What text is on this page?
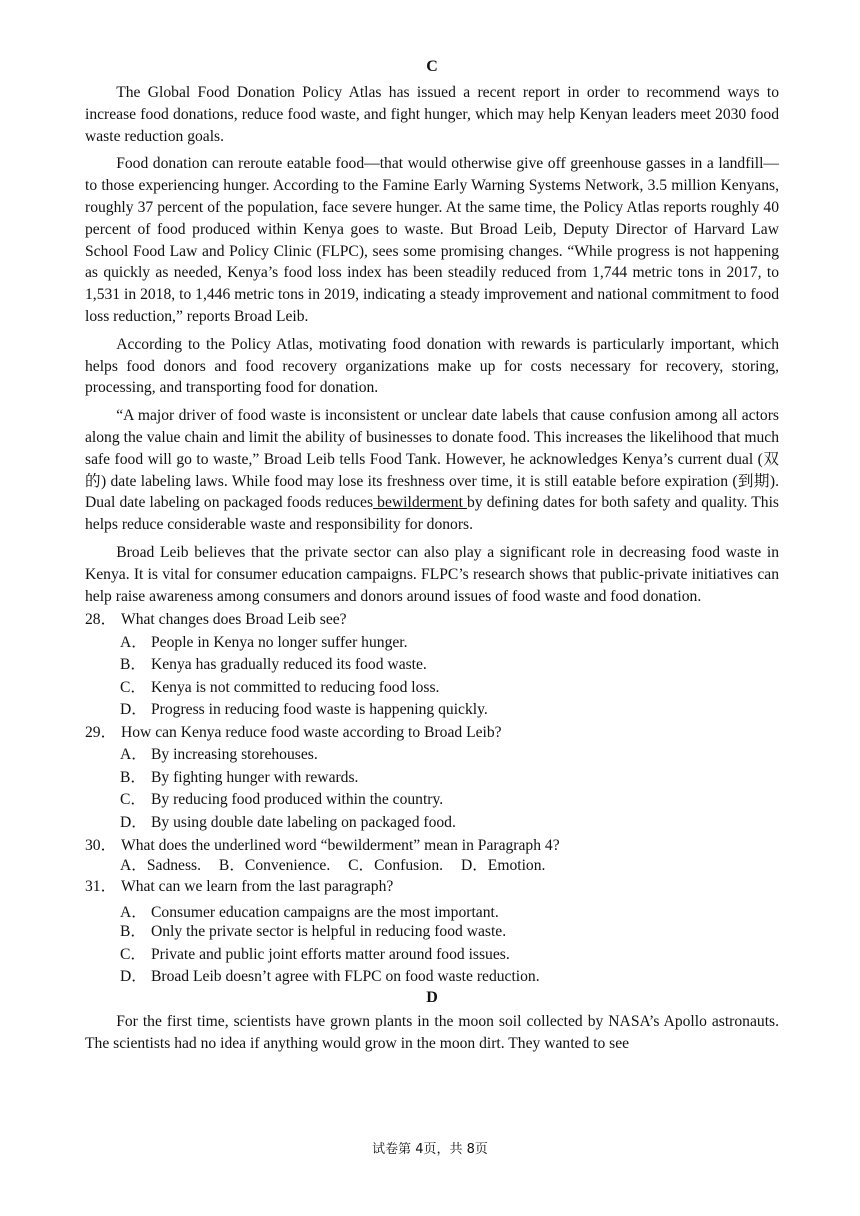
C

The Global Food Donation Policy Atlas has issued a recent report in order to recommend ways to increase food donations, reduce food waste, and fight hunger, which may help Kenyan leaders meet 2030 food waste reduction goals.

Food donation can reroute eatable food—that would otherwise give off greenhouse gasses in a landfill—to those experiencing hunger. According to the Famine Early Warning Systems Network, 3.5 million Kenyans, roughly 37 percent of the population, face severe hunger. At the same time, the Policy Atlas reports roughly 40 percent of food produced within Kenya goes to waste. But Broad Leib, Deputy Director of Harvard Law School Food Law and Policy Clinic (FLPC), sees some promising changes. “While progress is not happening as quickly as needed, Kenya’s food loss index has been steadily reduced from 1,744 metric tons in 2017, to 1,531 in 2018, to 1,446 metric tons in 2019, indicating a steady improvement and national commitment to food loss reduction,” reports Broad Leib.

According to the Policy Atlas, motivating food donation with rewards is particularly important, which helps food donors and food recovery organizations make up for costs necessary for recovery, storing, processing, and transporting food for donation.

“A major driver of food waste is inconsistent or unclear date labels that cause confusion among all actors along the value chain and limit the ability of businesses to donate food. This increases the likelihood that much safe food will go to waste,” Broad Leib tells Food Tank. However, he acknowledges Kenya’s current dual (双的) date labeling laws. While food may lose its freshness over time, it is still eatable before expiration (到期). Dual date labeling on packaged foods reduces bewilderment by defining dates for both safety and quality. This helps reduce considerable waste and responsibility for donors.

Broad Leib believes that the private sector can also play a significant role in decreasing food waste in Kenya. It is vital for consumer education campaigns. FLPC’s research shows that public-private initiatives can help raise awareness among consumers and donors around issues of food waste and food donation.

28． What changes does Broad Leib see?
A． People in Kenya no longer suffer hunger.
B． Kenya has gradually reduced its food waste.
C． Kenya is not committed to reducing food loss.
D． Progress in reducing food waste is happening quickly.
29． How can Kenya reduce food waste according to Broad Leib?
A． By increasing storehouses.
B． By fighting hunger with rewards.
C． By reducing food produced within the country.
D． By using double date labeling on packaged food.
30． What does the underlined word “bewilderment” mean in Paragraph 4?
A．Sadness. B．Convenience. C．Confusion. D．Emotion.
31． What can we learn from the last paragraph?
A． Consumer education campaigns are the most important.
B． Only the private sector is helpful in reducing food waste.
C． Private and public joint efforts matter around food issues.
D． Broad Leib doesn’t agree with FLPC on food waste reduction.
D

For the first time, scientists have grown plants in the moon soil collected by NASA’s Apollo astronauts. The scientists had no idea if anything would grow in the moon dirt. They wanted to see

试卷第 4页，共 8页
